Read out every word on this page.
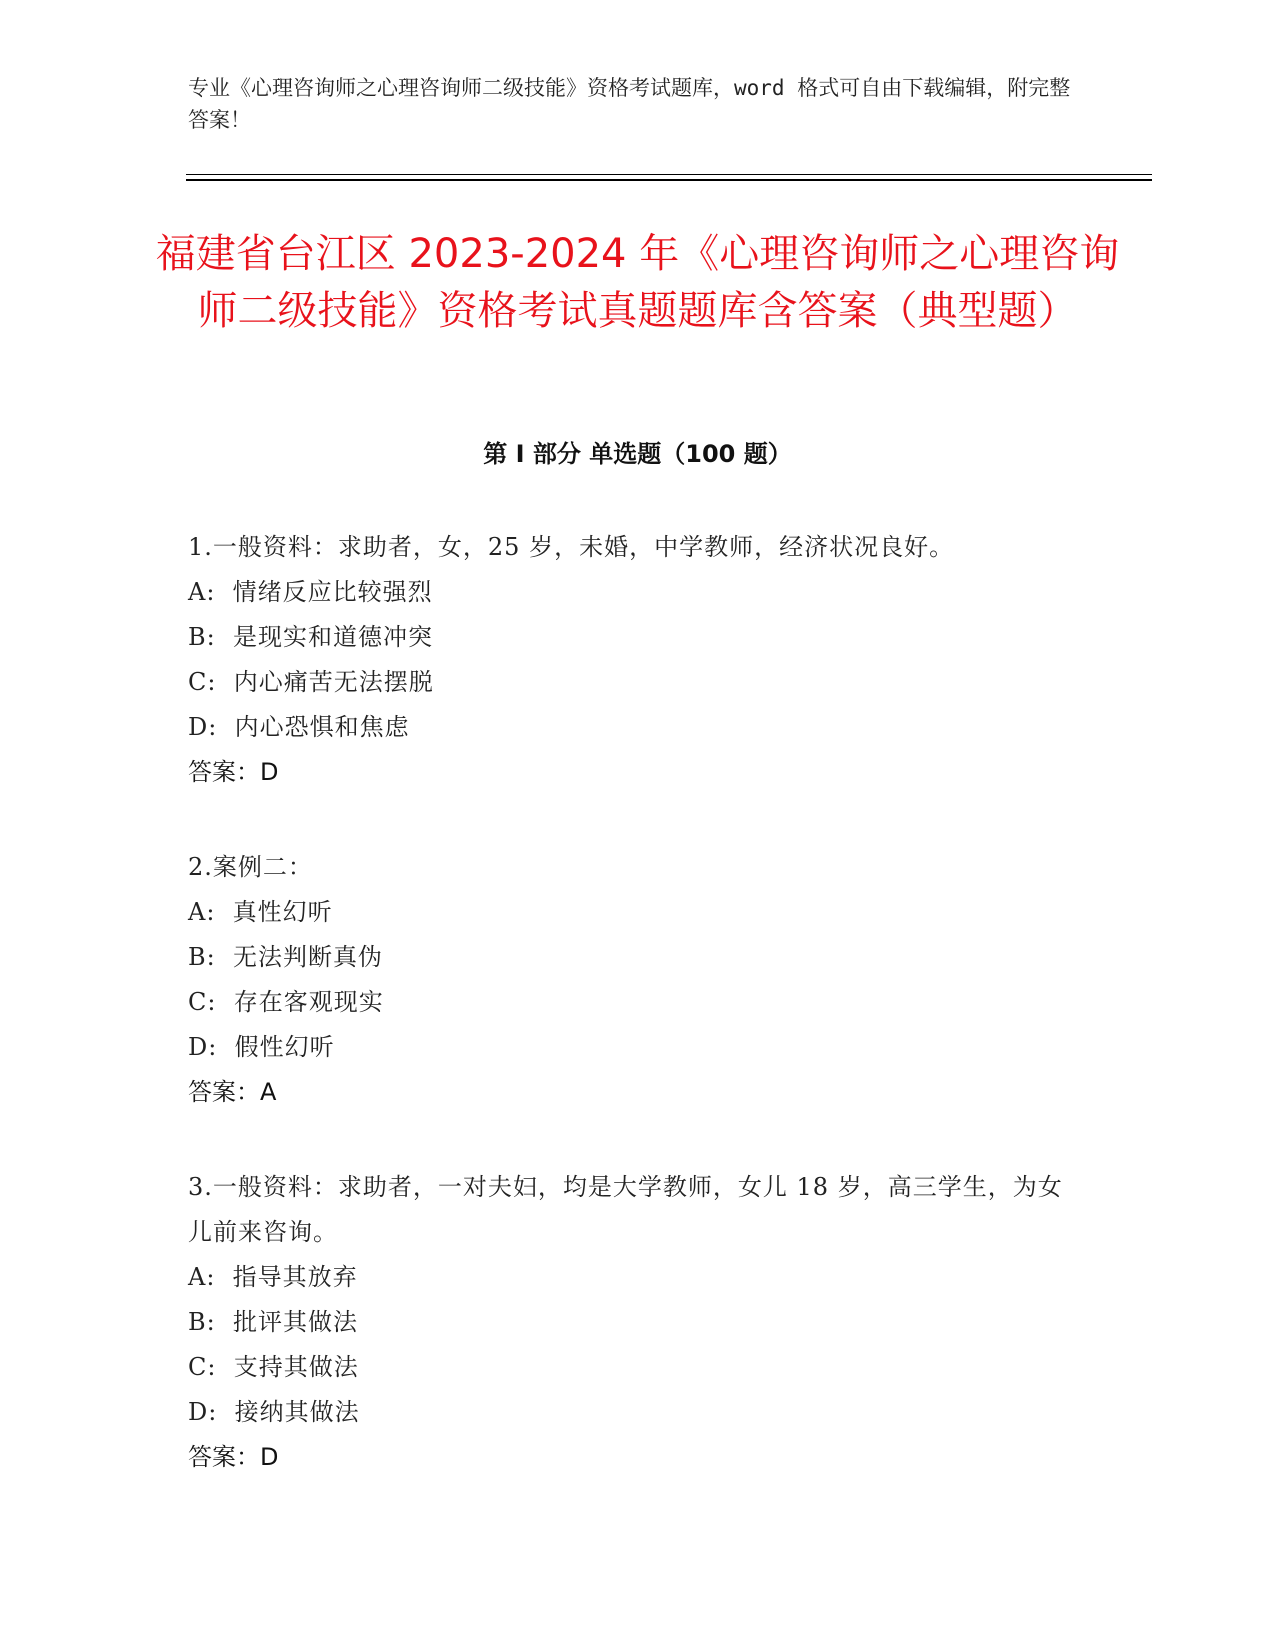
专业《心理咨询师之心理咨询师二级技能》资格考试题库，word 格式可自由下载编辑，附完整答案！
福建省台江区 2023-2024 年《心理咨询师之心理咨询师二级技能》资格考试真题题库含答案（典型题）
第 I 部分 单选题（100 题）

1.一般资料：求助者，女，25 岁，未婚，中学教师，经济状况良好。

A:  情绪反应比较强烈

B:  是现实和道德冲突

C:  内心痛苦无法摆脱

D:  内心恐惧和焦虑

答案：D

2.案例二：

A:  真性幻听

B:  无法判断真伪

C:  存在客观现实

D:  假性幻听

答案：A

3.一般资料：求助者，一对夫妇，均是大学教师，女儿 18 岁，高三学生，为女儿前来咨询。

A:  指导其放弃

B:  批评其做法

C:  支持其做法

D:  接纳其做法

答案：D
